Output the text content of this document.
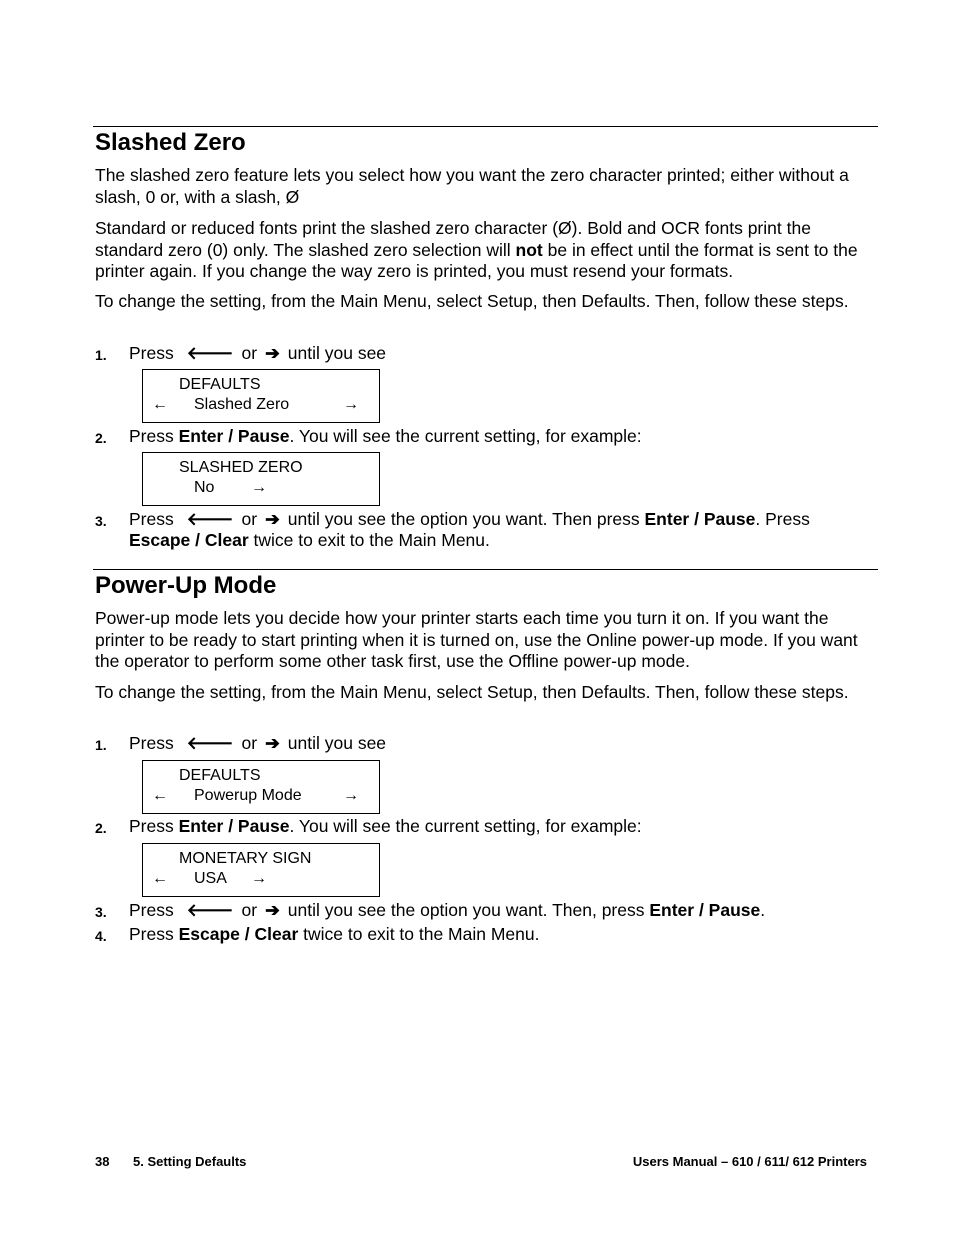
Slashed Zero

The slashed zero feature lets you select how you want the zero character printed; either without a slash, 0 or, with a slash, Ø

Standard or reduced fonts print the slashed zero character (Ø). Bold and OCR fonts print the standard zero (0) only. The slashed zero selection will not be in effect until the format is sent to the printer again. If you change the way zero is printed, you must resend your formats.

To change the setting, from the Main Menu, select Setup, then Defaults. Then, follow these steps.

1. Press 🡐 or ➔ until you see
DEFAULTS
← Slashed Zero	→
2. Press Enter / Pause. You will see the current setting, for example:
SLASHED ZERO
No →
3. Press 🡐 or ➔ until you see the option you want. Then press Enter / Pause. Press Escape / Clear twice to exit to the Main Menu.
Power-Up Mode

Power-up mode lets you decide how your printer starts each time you turn it on. If you want the printer to be ready to start printing when it is turned on, use the Online power-up mode. If you want the operator to perform some other task first, use the Offline power-up mode.

To change the setting, from the Main Menu, select Setup, then Defaults. Then, follow these steps.

1. Press 🡐 or ➔ until you see
DEFAULTS
← Powerup Mode	→
2. Press Enter / Pause. You will see the current setting, for example:
MONETARY SIGN
← USA →
3. Press 🡐 or ➔ until you see the option you want. Then, press Enter / Pause.
4. Press Escape / Clear twice to exit to the Main Menu.
38 5. Setting Defaults	Users Manual – 610 / 611/ 612 Printers
